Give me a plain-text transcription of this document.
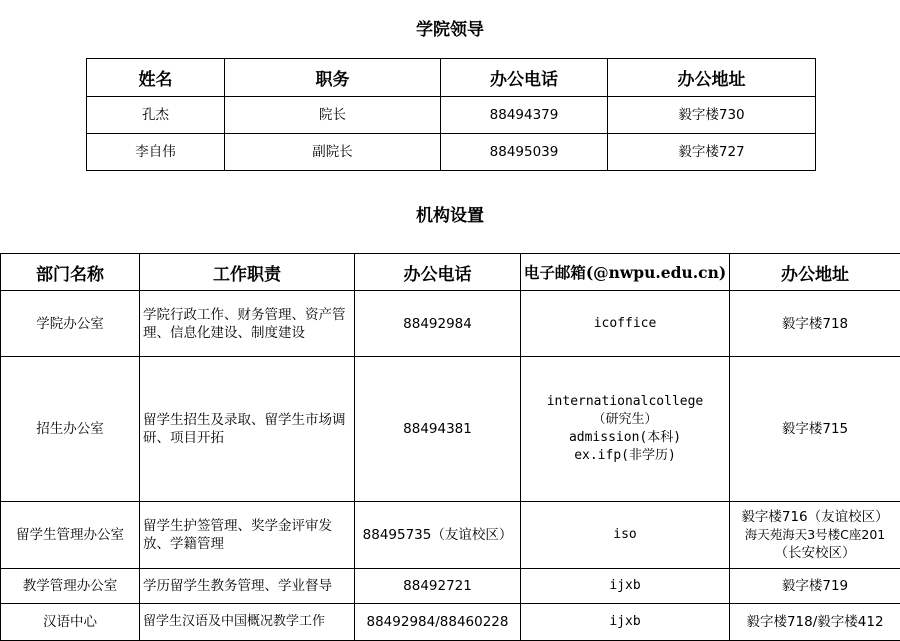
学院领导
姓名	职务	办公电话	办公地址
孔杰	院长	88494379	毅字楼730
李自伟	副院长	88495039	毅字楼727
机构设置
部门名称	工作职责	办公电话	电子邮箱(@nwpu.edu.cn)	办公地址
学院办公室	学院行政工作、财务管理、资产管理、信息化建设、制度建设	88492984	icoffice	毅字楼718

招生办公室	留学生招生及录取、留学生市场调研、项目开拓	88494381	internationalcollege
（研究生）
admission(本科)
ex.ifp(非学历)	毅字楼715

留学生管理办公室	留学生护签管理、奖学金评审发放、学籍管理	88495735（友谊校区）	iso	毅字楼716（友谊校区）
海天苑海天3号楼C座201
（长安校区）

教学管理办公室	学历留学生教务管理、学业督导	88492721	ijxb	毅字楼719

汉语中心	留学生汉语及中国概况教学工作	88492984/88460228	ijxb	毅字楼718/毅字楼412
